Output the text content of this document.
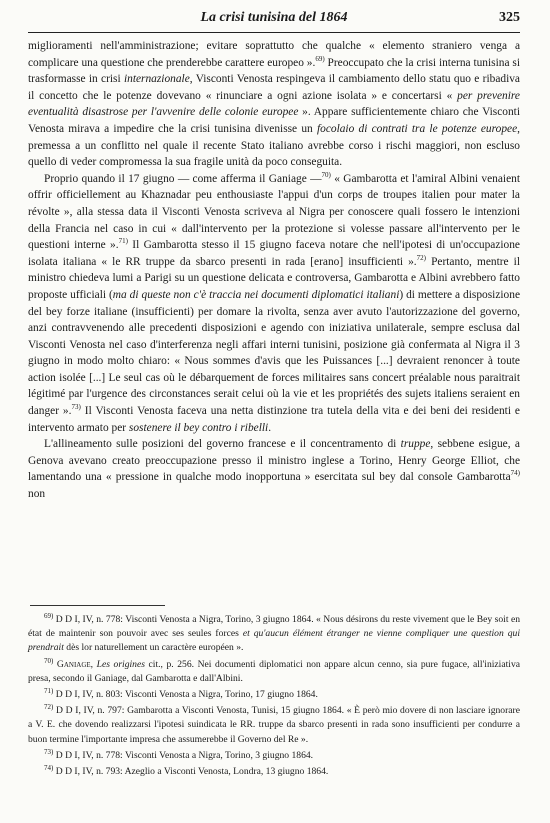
La crisi tunisina del 1864	325

miglioramenti nell'amministrazione; evitare soprattutto che qualche « elemento straniero venga a complicare una questione che prenderebbe carattere europeo ».$^{69)}$ Preoccupato che la crisi interna tunisina si trasformasse in crisi internazionale, Visconti Venosta respingeva il cambiamento dello statu quo e ribadiva il concetto che le potenze dovevano « rinunciare a ogni azione isolata » e concertarsi « per prevenire eventualità disastrose per l'avvenire delle colonie europee ». Appare sufficientemente chiaro che Visconti Venosta mirava a impedire che la crisi tunisina divenisse un focolaio di contrati tra le potenze europee, premessa a un conflitto nel quale il recente Stato italiano avrebbe corso i rischi maggiori, non escluso quello di veder compromessa la sua fragile unità da poco conseguita.

Proprio quando il 17 giugno — come afferma il Ganiage —$^{70)}$ « Gambarotta et l'amiral Albini venaient offrir officiellement au Khaznadar peu enthousiaste l'appui d'un corps de troupes italien pour mater la révolte », alla stessa data il Visconti Venosta scriveva al Nigra per conoscere quali fossero le intenzioni della Francia nel caso in cui « dall'intervento per la protezione si volesse passare all'intervento per le questioni interne ».$^{71)}$ Il Gambarotta stesso il 15 giugno faceva notare che nell'ipotesi di un'occupazione isolata italiana « le RR truppe da sbarco presenti in rada [erano] insufficienti ».$^{72)}$ Pertanto, mentre il ministro chiedeva lumi a Parigi su un questione delicata e controversa, Gambarotta e Albini avrebbero fatto proposte ufficiali (ma di queste non c'è traccia nei documenti diplomatici italiani) di mettere a disposizione del bey forze italiane (insufficienti) per domare la rivolta, senza aver avuto l'autorizzazione del governo, anzi contravvenendo alle precedenti disposizioni e agendo con iniziativa unilaterale, sempre esclusa dal Visconti Venosta nel caso d'interferenza negli affari interni tunisini, posizione già confermata al Nigra il 3 giugno in modo molto chiaro: « Nous sommes d'avis que les Puissances [...] devraient renoncer à toute action isolée [...] Le seul cas où le débarquement de forces militaires sans concert préalable nous paraitrait légitimé par l'urgence des circonstances serait celui où la vie et les propriétés des sujets italiens seraient en danger ».$^{73)}$ Il Visconti Venosta faceva una netta distinzione tra tutela della vita e dei beni dei residenti e intervento armato per sostenere il bey contro i ribelli.

L'allineamento sulle posizioni del governo francese e il concentramento di truppe, sebbene esigue, a Genova avevano creato preoccupazione presso il ministro inglese a Torino, Henry George Elliot, che lamentando una « pressione in qualche modo inopportuna » esercitata sul bey dal console Gambarotta$^{74)}$ non

$^{69)}$ D D I, IV, n. 778: Visconti Venosta a Nigra, Torino, 3 giugno 1864. « Nous désirons du reste vivement que le Bey soit en état de maintenir son pouvoir avec ses seules forces et qu'aucun élément étranger ne vienne compliquer une question qui prendrait dès lor naturellement un caractère européen ».

$^{70)}$ Ganiage, Les origines cit., p. 256. Nei documenti diplomatici non appare alcun cenno, sia pure fugace, all'iniziativa presa, secondo il Ganiage, dal Gambarotta e dall'Albini.

$^{71)}$ D D I, IV, n. 803: Visconti Venosta a Nigra, Torino, 17 giugno 1864.

$^{72)}$ D D I, IV, n. 797: Gambarotta a Visconti Venosta, Tunisi, 15 giugno 1864. « È però mio dovere di non lasciare ignorare a V. E. che dovendo realizzarsi l'ipotesi suindicata le RR. truppe da sbarco presenti in rada sono insufficienti per condurre a buon termine l'importante impresa che assumerebbe il Governo del Re ».

$^{73)}$ D D I, IV, n. 778: Visconti Venosta a Nigra, Torino, 3 giugno 1864.

$^{74)}$ D D I, IV, n. 793: Azeglio a Visconti Venosta, Londra, 13 giugno 1864.
